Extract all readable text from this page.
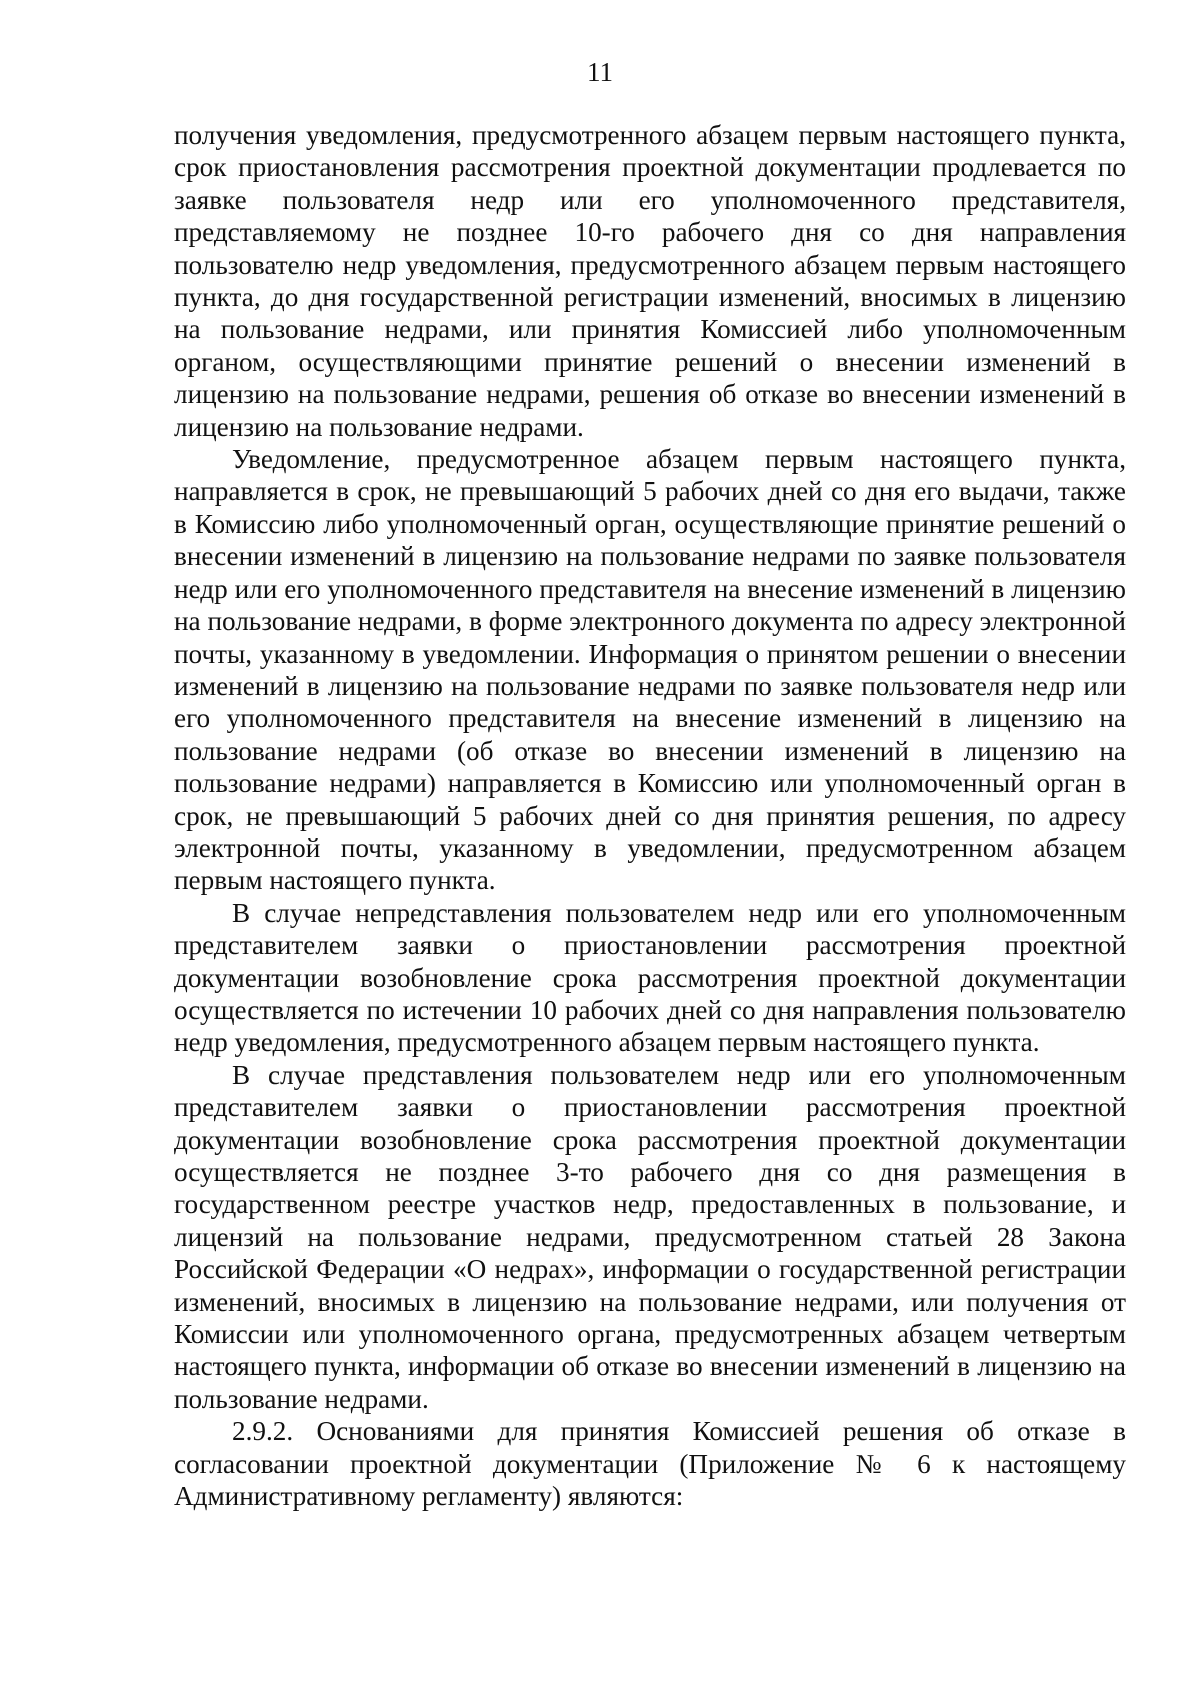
11

получения уведомления, предусмотренного абзацем первым настоящего пункта, срок приостановления рассмотрения проектной документации продлевается по заявке пользователя недр или его уполномоченного представителя, представляемому не позднее 10-го рабочего дня со дня направления пользователю недр уведомления, предусмотренного абзацем первым настоящего пункта, до дня государственной регистрации изменений, вносимых в лицензию на пользование недрами, или принятия Комиссией либо уполномоченным органом, осуществляющими принятие решений о внесении изменений в лицензию на пользование недрами, решения об отказе во внесении изменений в лицензию на пользование недрами.

Уведомление, предусмотренное абзацем первым настоящего пункта, направляется в срок, не превышающий 5 рабочих дней со дня его выдачи, также в Комиссию либо уполномоченный орган, осуществляющие принятие решений о внесении изменений в лицензию на пользование недрами по заявке пользователя недр или его уполномоченного представителя на внесение изменений в лицензию на пользование недрами, в форме электронного документа по адресу электронной почты, указанному в уведомлении. Информация о принятом решении о внесении изменений в лицензию на пользование недрами по заявке пользователя недр или его уполномоченного представителя на внесение изменений в лицензию на пользование недрами (об отказе во внесении изменений в лицензию на пользование недрами) направляется в Комиссию или уполномоченный орган в срок, не превышающий 5 рабочих дней со дня принятия решения, по адресу электронной почты, указанному в уведомлении, предусмотренном абзацем первым настоящего пункта.

В случае непредставления пользователем недр или его уполномоченным представителем заявки о приостановлении рассмотрения проектной документации возобновление срока рассмотрения проектной документации осуществляется по истечении 10 рабочих дней со дня направления пользователю недр уведомления, предусмотренного абзацем первым настоящего пункта.

В случае представления пользователем недр или его уполномоченным представителем заявки о приостановлении рассмотрения проектной документации возобновление срока рассмотрения проектной документации осуществляется не позднее 3-то рабочего дня со дня размещения в государственном реестре участков недр, предоставленных в пользование, и лицензий на пользование недрами, предусмотренном статьей 28 Закона Российской Федерации «О недрах», информации о государственной регистрации изменений, вносимых в лицензию на пользование недрами, или получения от Комиссии или уполномоченного органа, предусмотренных абзацем четвертым настоящего пункта, информации об отказе во внесении изменений в лицензию на пользование недрами.

2.9.2. Основаниями для принятия Комиссией решения об отказе в согласовании проектной документации (Приложение № 6 к настоящему Административному регламенту) являются:
